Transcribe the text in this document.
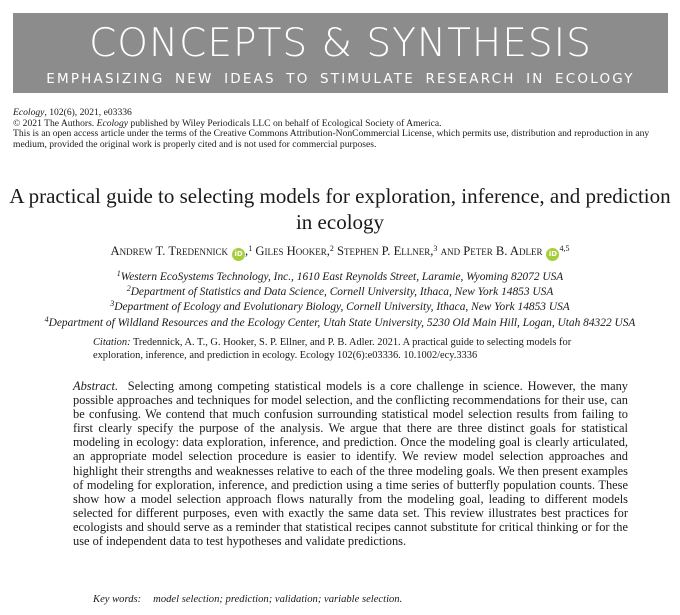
CONCEPTS & SYNTHESIS
EMPHASIZING NEW IDEAS TO STIMULATE RESEARCH IN ECOLOGY
Ecology, 102(6), 2021, e03336
© 2021 The Authors. Ecology published by Wiley Periodicals LLC on behalf of Ecological Society of America.
This is an open access article under the terms of the Creative Commons Attribution-NonCommercial License, which permits use, distribution and reproduction in any medium, provided the original work is properly cited and is not used for commercial purposes.
A practical guide to selecting models for exploration, inference, and prediction in ecology
Andrew T. Tredennick iD ,$^1$ Giles Hooker,$^2$ Stephen P. Ellner,$^3$ and Peter B. Adler iD$^{4,5}$
$^1$Western EcoSystems Technology, Inc., 1610 East Reynolds Street, Laramie, Wyoming 82072 USA
$^2$Department of Statistics and Data Science, Cornell University, Ithaca, New York 14853 USA
$^3$Department of Ecology and Evolutionary Biology, Cornell University, Ithaca, New York 14853 USA
$^4$Department of Wildland Resources and the Ecology Center, Utah State University, 5230 Old Main Hill, Logan, Utah 84322 USA
Citation: Tredennick, A. T., G. Hooker, S. P. Ellner, and P. B. Adler. 2021. A practical guide to selecting models for exploration, inference, and prediction in ecology. Ecology 102(6):e03336. 10.1002/ecy.3336
Abstract. Selecting among competing statistical models is a core challenge in science. However, the many possible approaches and techniques for model selection, and the conflicting recommendations for their use, can be confusing. We contend that much confusion surrounding statistical model selection results from failing to first clearly specify the purpose of the analysis. We argue that there are three distinct goals for statistical modeling in ecology: data exploration, inference, and prediction. Once the modeling goal is clearly articulated, an appropriate model selection procedure is easier to identify. We review model selection approaches and highlight their strengths and weaknesses relative to each of the three modeling goals. We then present examples of modeling for exploration, inference, and prediction using a time series of butterfly population counts. These show how a model selection approach flows naturally from the modeling goal, leading to different models selected for different purposes, even with exactly the same data set. This review illustrates best practices for ecologists and should serve as a reminder that statistical recipes cannot substitute for critical thinking or for the use of independent data to test hypotheses and validate predictions.
Key words: model selection; prediction; validation; variable selection.
